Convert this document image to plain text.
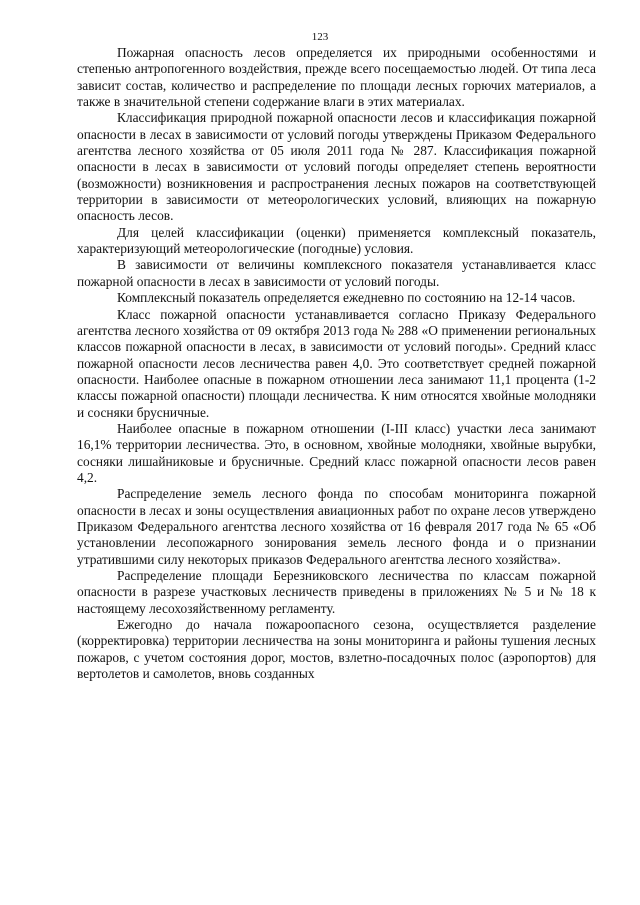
123

Пожарная опасность лесов определяется их природными особенностями и степенью антропогенного воздействия, прежде всего посещаемостью людей. От типа леса зависит состав, количество и распределение по площади лесных горючих материалов, а также в значительной степени содержание влаги в этих материалах.

Классификация природной пожарной опасности лесов и классификация пожарной опасности в лесах в зависимости от условий погоды утверждены Приказом Федерального агентства лесного хозяйства от 05 июля 2011 года № 287. Классификация пожарной опасности в лесах в зависимости от условий погоды определяет степень вероятности (возможности) возникновения и распространения лесных пожаров на соответствующей территории в зависимости от метеорологических условий, влияющих на пожарную опасность лесов.

Для целей классификации (оценки) применяется комплексный показатель, характеризующий метеорологические (погодные) условия.

В зависимости от величины комплексного показателя устанавливается класс пожарной опасности в лесах в зависимости от условий погоды.

Комплексный показатель определяется ежедневно по состоянию на 12-14 часов.

Класс пожарной опасности устанавливается согласно Приказу Федерального агентства лесного хозяйства от 09 октября 2013 года № 288 «О применении региональных классов пожарной опасности в лесах, в зависимости от условий погоды». Средний класс пожарной опасности лесов лесничества равен 4,0. Это соответствует средней пожарной опасности. Наиболее опасные в пожарном отношении леса занимают 11,1 процента (1-2 классы пожарной опасности) площади лесничества. К ним относятся хвойные молодняки и сосняки брусничные.

Наиболее опасные в пожарном отношении (I-III класс) участки леса занимают 16,1% территории лесничества. Это, в основном, хвойные молодняки, хвойные вырубки, сосняки лишайниковые и брусничные. Средний класс пожарной опасности лесов равен 4,2.

Распределение земель лесного фонда по способам мониторинга пожарной опасности в лесах и зоны осуществления авиационных работ по охране лесов утверждено Приказом Федерального агентства лесного хозяйства от 16 февраля 2017 года № 65 «Об установлении лесопожарного зонирования земель лесного фонда и о признании утратившими силу некоторых приказов Федерального агентства лесного хозяйства».

Распределение площади Березниковского лесничества по классам пожарной опасности в разрезе участковых лесничеств приведены в приложениях № 5 и № 18 к настоящему лесохозяйственному регламенту.

Ежегодно до начала пожароопасного сезона, осуществляется разделение (корректировка) территории лесничества на зоны мониторинга и районы тушения лесных пожаров, с учетом состояния дорог, мостов, взлетно-посадочных полос (аэропортов) для вертолетов и самолетов, вновь созданных
